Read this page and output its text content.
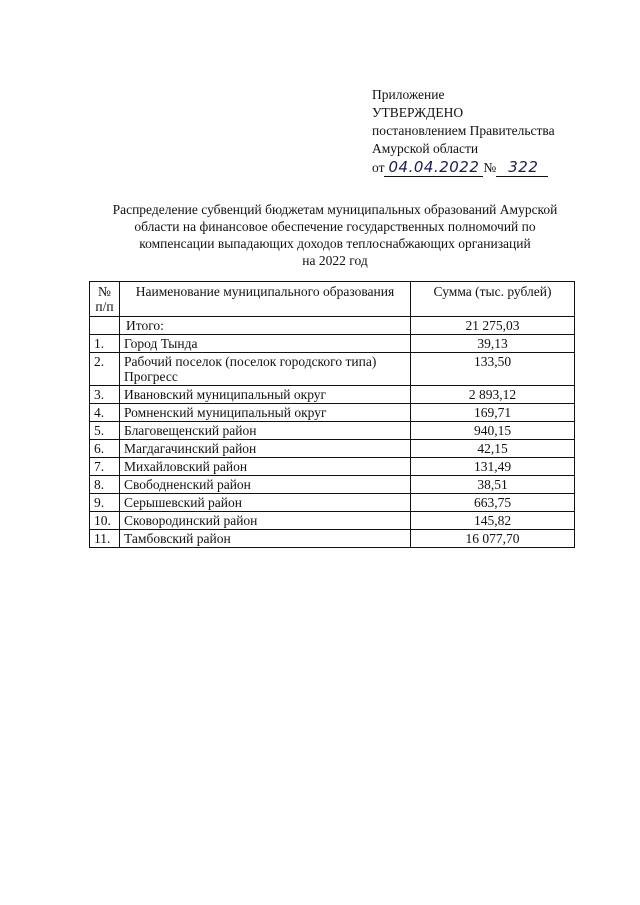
Приложение
УТВЕРЖДЕНО
постановлением Правительства
Амурской области
от 04.04.2022 № 322
Распределение субвенций бюджетам муниципальных образований Амурской
области на финансовое обеспечение государственных полномочий по
компенсации выпадающих доходов теплоснабжающих организаций
на 2022 год
№ п/п	Наименование муниципального образования	Сумма (тыс. рублей)
	Итого:	21 275,03
1.	Город Тында	39,13
2.	Рабочий поселок (поселок городского типа) Прогресс	133,50
3.	Ивановский муниципальный округ	2 893,12
4.	Ромненский муниципальный округ	169,71
5.	Благовещенский район	940,15
6.	Магдагачинский район	42,15
7.	Михайловский район	131,49
8.	Свободненский район	38,51
9.	Серышевский район	663,75
10.	Сковородинский район	145,82
11.	Тамбовский район	16 077,70
